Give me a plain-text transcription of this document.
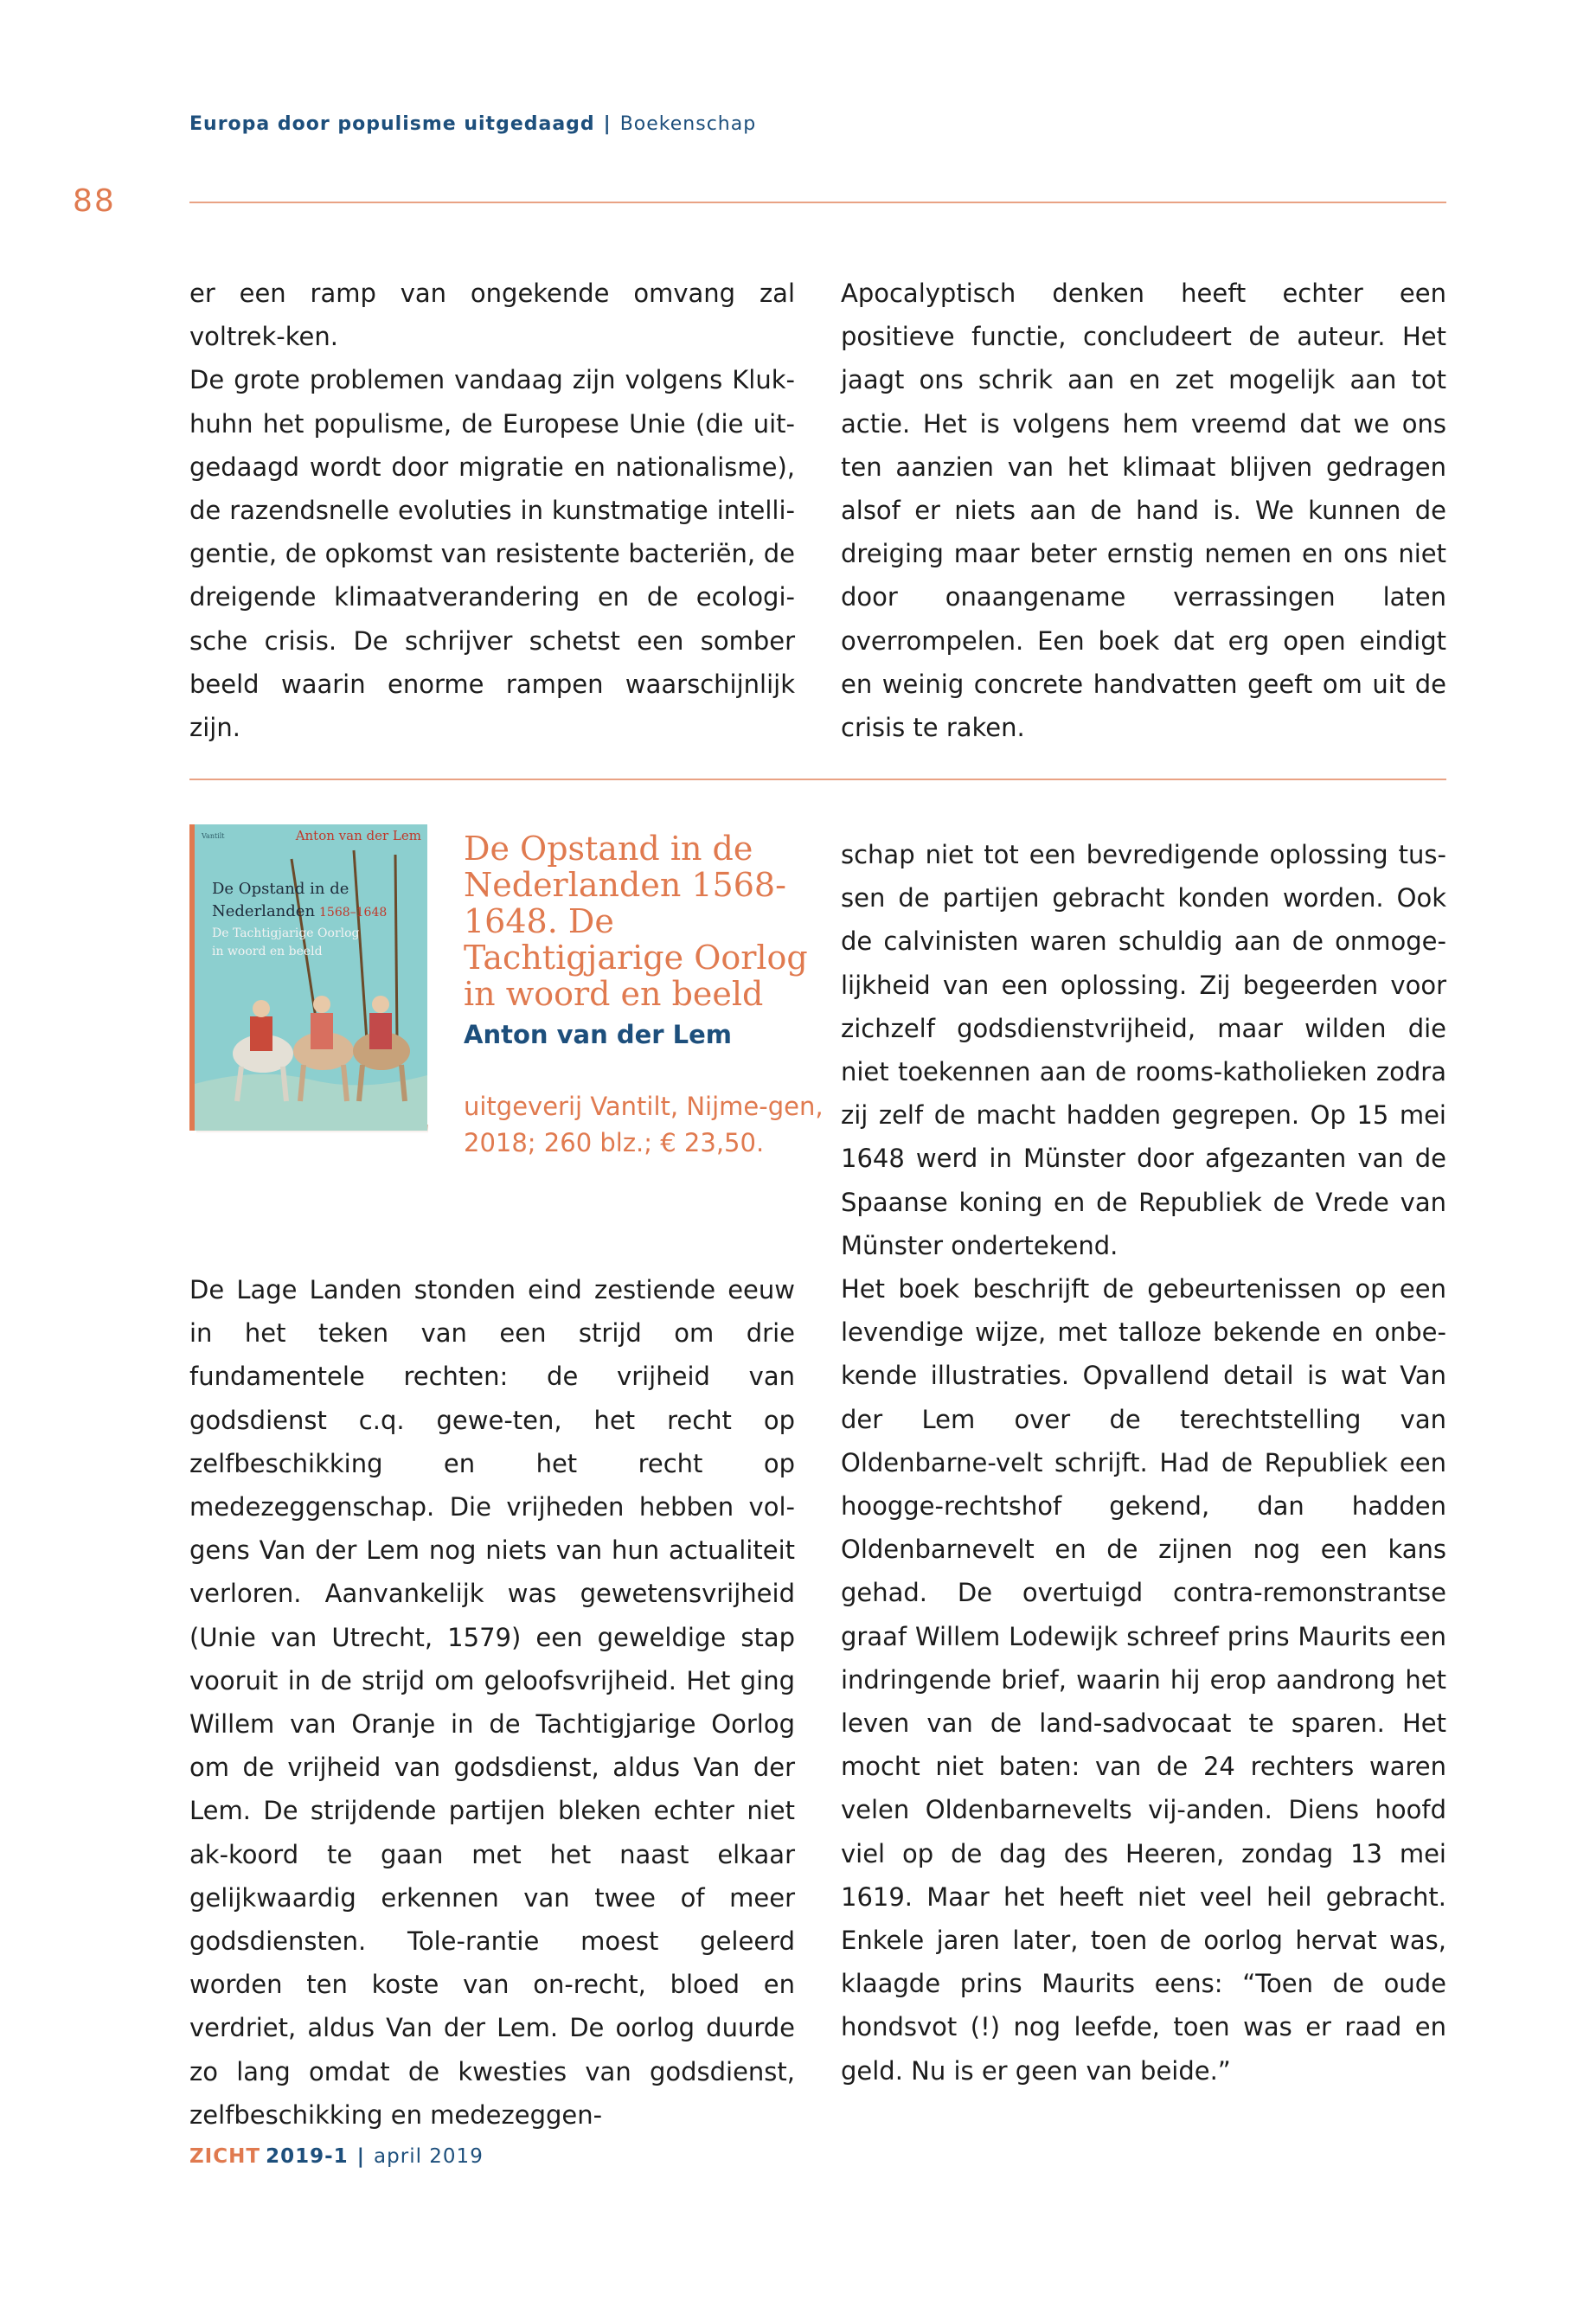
Europa door populisme uitgedaagd | Boekenschap
88

er een ramp van ongekende omvang zal voltrek-ken.

De grote problemen vandaag zijn volgens Kluk-huhn het populisme, de Europese Unie (die uit-gedaagd wordt door migratie en nationalisme), de razendsnelle evoluties in kunstmatige intelli-gentie, de opkomst van resistente bacteriën, de dreigende klimaatverandering en de ecologi-sche crisis. De schrijver schetst een somber beeld waarin enorme rampen waarschijnlijk zijn.

Apocalyptisch denken heeft echter een positieve functie, concludeert de auteur. Het jaagt ons schrik aan en zet mogelijk aan tot actie. Het is volgens hem vreemd dat we ons ten aanzien van het klimaat blijven gedragen alsof er niets aan de hand is. We kunnen de dreiging maar beter ernstig nemen en ons niet door onaangename verrassingen laten overrompelen. Een boek dat erg open eindigt en weinig concrete handvatten geeft om uit de crisis te raken.

Vantilt	Anton van der Lem
De Opstand in de
Nederlanden 1568–1648
De Tachtigjarige Oorlog
in woord en beeld

De Opstand in de Nederlanden 1568-1648. De Tachtigjarige Oorlog in woord en beeld

Anton van der Lem
uitgeverij Vantilt, Nijme-gen, 2018; 260 blz.; € 23,50.

De Lage Landen stonden eind zestiende eeuw in het teken van een strijd om drie fundamentele rechten: de vrijheid van godsdienst c.q. gewe-ten, het recht op zelfbeschikking en het recht op medezeggenschap. Die vrijheden hebben vol-gens Van der Lem nog niets van hun actualiteit verloren. Aanvankelijk was gewetensvrijheid (Unie van Utrecht, 1579) een geweldige stap vooruit in de strijd om geloofsvrijheid. Het ging Willem van Oranje in de Tachtigjarige Oorlog om de vrijheid van godsdienst, aldus Van der Lem. De strijdende partijen bleken echter niet ak-koord te gaan met het naast elkaar gelijkwaardig erkennen van twee of meer godsdiensten. Tole-rantie moest geleerd worden ten koste van on-recht, bloed en verdriet, aldus Van der Lem. De oorlog duurde zo lang omdat de kwesties van godsdienst, zelfbeschikking en medezeggen-

schap niet tot een bevredigende oplossing tus-sen de partijen gebracht konden worden. Ook de calvinisten waren schuldig aan de onmoge-lijkheid van een oplossing. Zij begeerden voor zichzelf godsdienstvrijheid, maar wilden die niet toekennen aan de rooms-katholieken zodra zij zelf de macht hadden gegrepen. Op 15 mei 1648 werd in Münster door afgezanten van de Spaanse koning en de Republiek de Vrede van Münster ondertekend.

Het boek beschrijft de gebeurtenissen op een levendige wijze, met talloze bekende en onbe-kende illustraties. Opvallend detail is wat Van der Lem over de terechtstelling van Oldenbarne-velt schrijft. Had de Republiek een hoogge-rechtshof gekend, dan hadden Oldenbarnevelt en de zijnen nog een kans gehad. De overtuigd contra-remonstrantse graaf Willem Lodewijk schreef prins Maurits een indringende brief, waarin hij erop aandrong het leven van de land-sadvocaat te sparen. Het mocht niet baten: van de 24 rechters waren velen Oldenbarnevelts vij-anden. Diens hoofd viel op de dag des Heeren, zondag 13 mei 1619. Maar het heeft niet veel heil gebracht. Enkele jaren later, toen de oorlog hervat was, klaagde prins Maurits eens: “Toen de oude hondsvot (!) nog leefde, toen was er raad en geld. Nu is er geen van beide.”

ZICHT 2019-1 | april 2019
